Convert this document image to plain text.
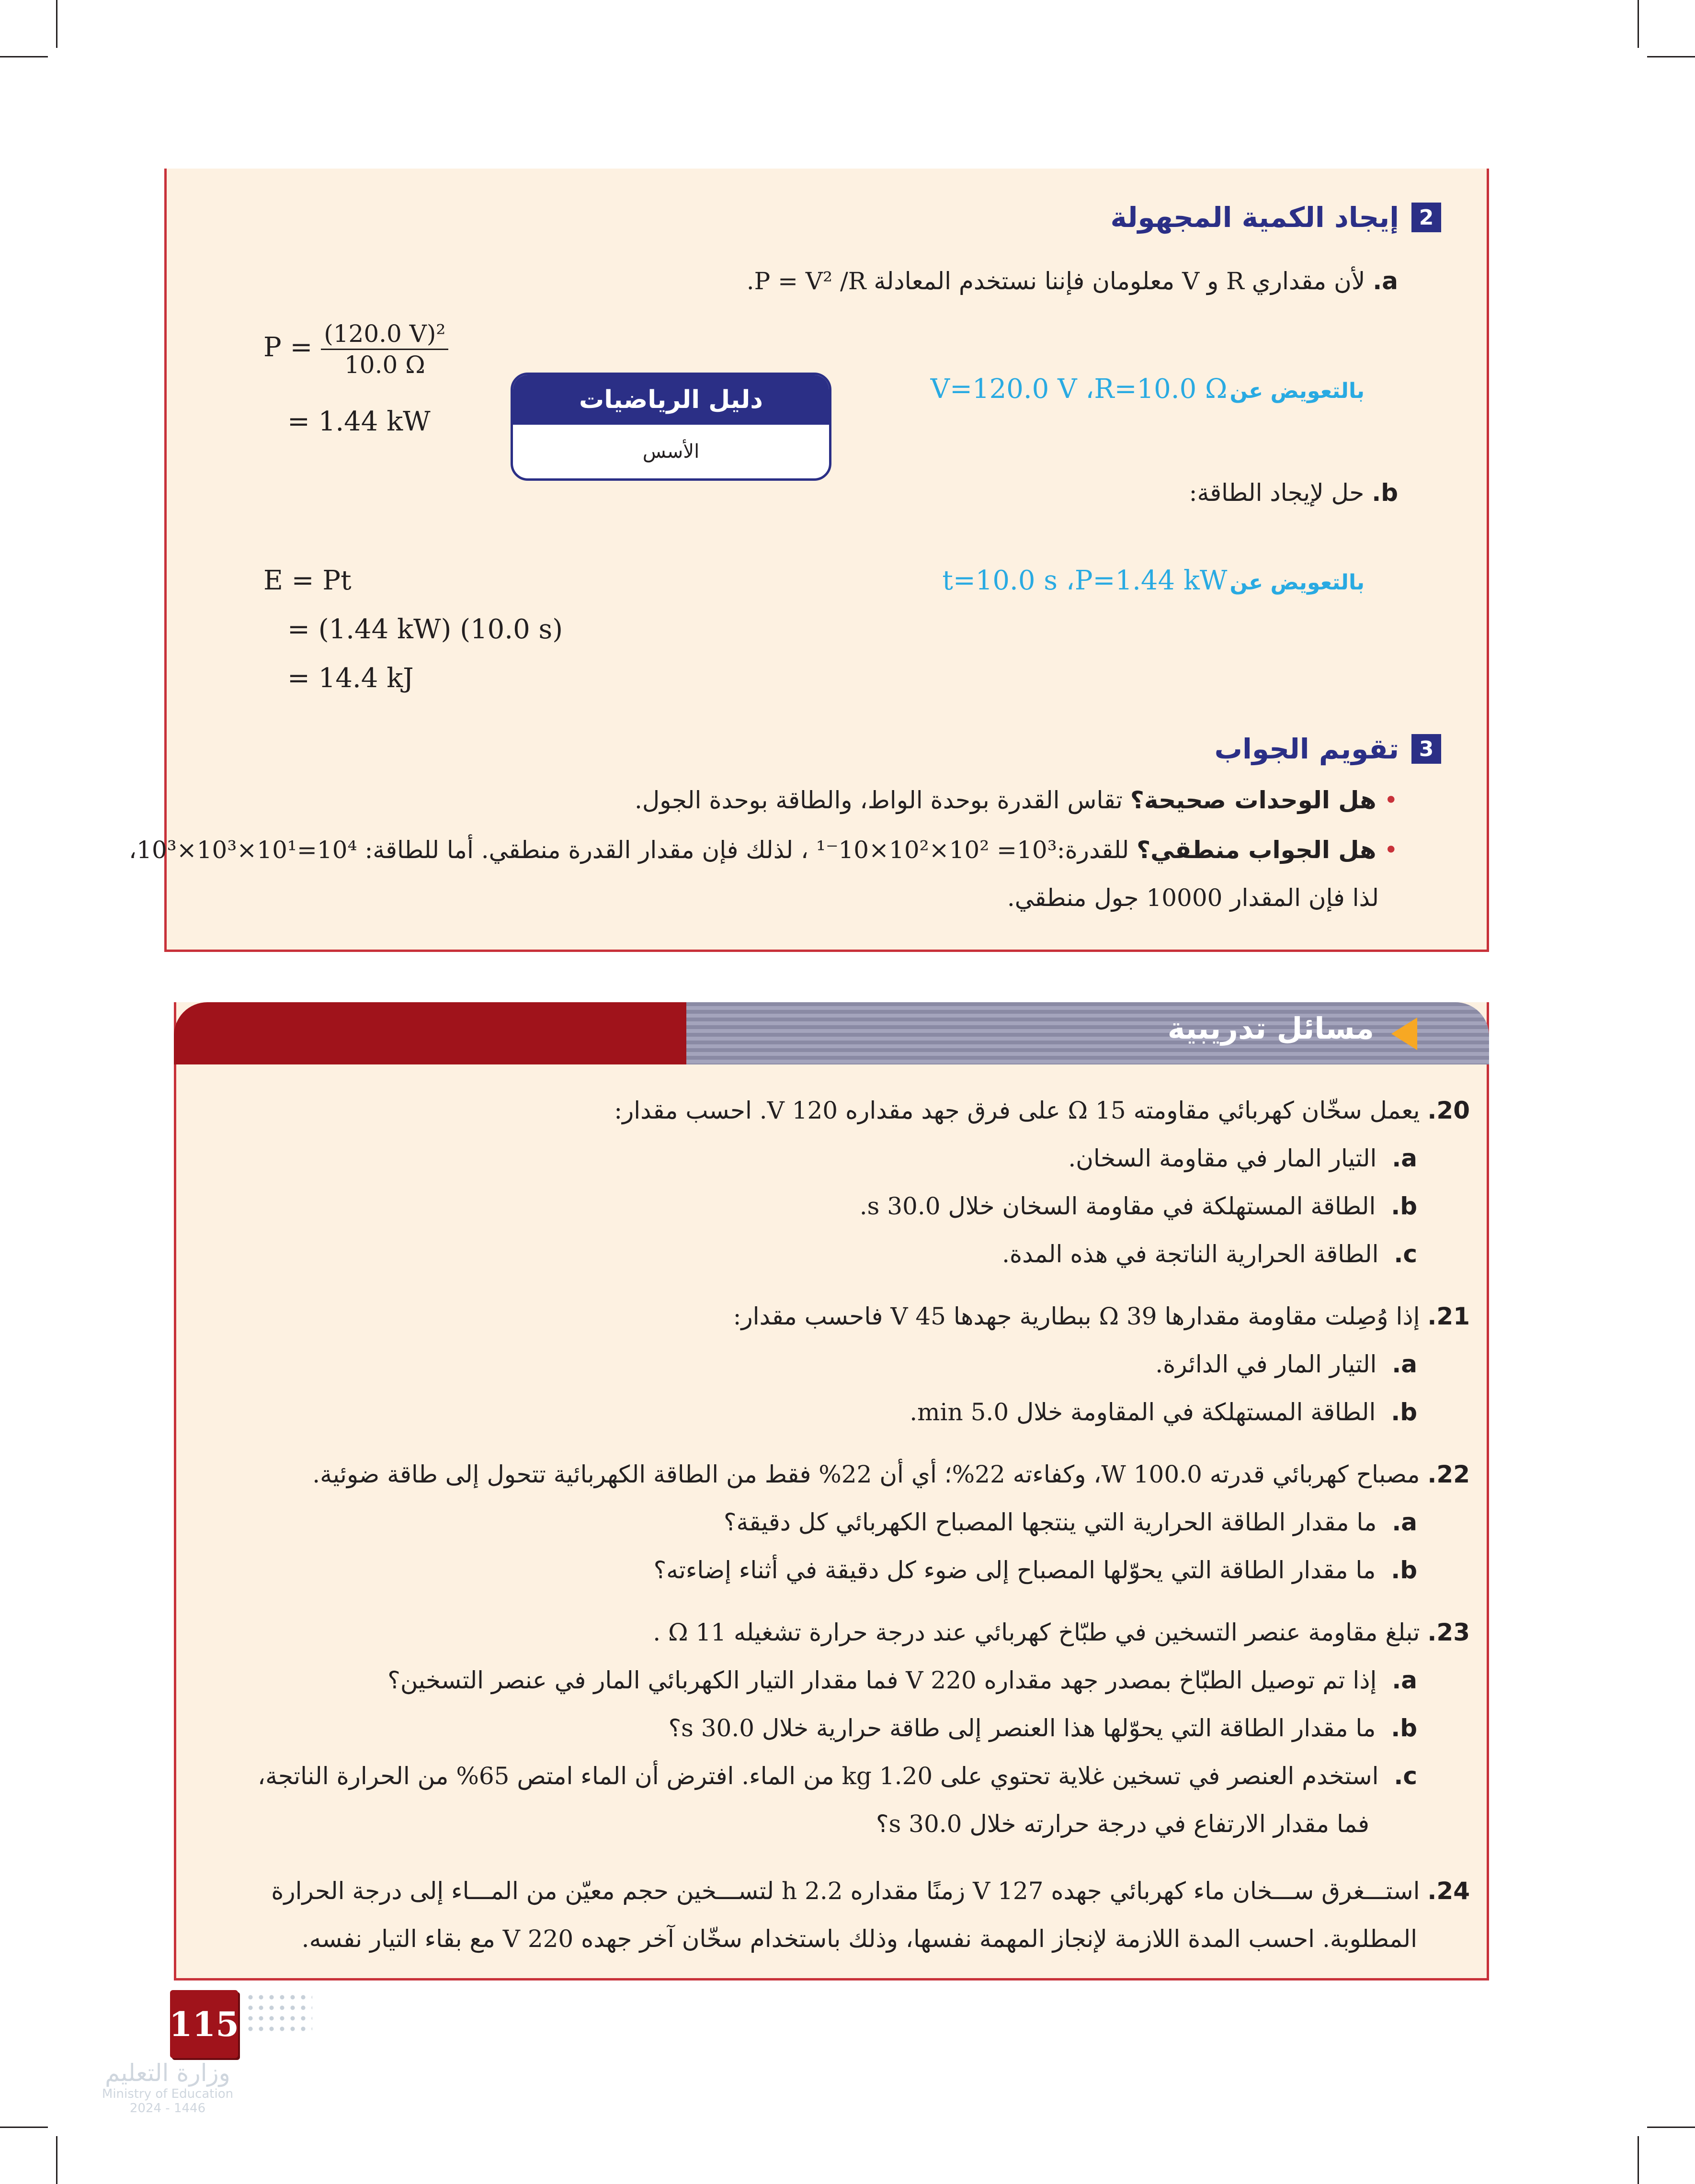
2
إيجاد الكمية المجهولة
a. لأن مقداري R و V معلومان فإننا نستخدم المعادلة P = V² /R.
$P = \frac{\text{(120.0 V)²}}{10.0 \Omega}$
= 1.44 kW
دليل الرياضيات
الأسس
بالتعويض عن V=120.0 V ،R=10.0 Ω
b. حل لإيجاد الطاقة:
بالتعويض عن t=10.0 s ،P=1.44 kW
E = Pt
= (1.44 kW) (10.0 s)
= 14.4 kJ
3
تقويم الجواب
• هل الوحدات صحيحة؟ تقاس القدرة بوحدة الواط، والطاقة بوحدة الجول.
• هل الجواب منطقي؟ للقدرة:10³= 10²×10²×10⁻¹ ، لذلك فإن مقدار القدرة منطقي. أما للطاقة: 10⁴=10¹×10³×10³،
لذا فإن المقدار 10000 جول منطقي.
مسائل تدريبية
20. يعمل سخّان كهربائي مقاومته 15 Ω على فرق جهد مقداره 120 V. احسب مقدار:
a.  التيار المار في مقاومة السخان.
b.  الطاقة المستهلكة في مقاومة السخان خلال 30.0 s.
c.  الطاقة الحرارية الناتجة في هذه المدة.
21. إذا وُصِلت مقاومة مقدارها 39 Ω ببطارية جهدها 45 V فاحسب مقدار:
a.  التيار المار في الدائرة.
b.  الطاقة المستهلكة في المقاومة خلال 5.0 min.
22. مصباح كهربائي قدرته 100.0 W، وكفاءته 22%؛ أي أن 22% فقط من الطاقة الكهربائية تتحول إلى طاقة ضوئية.
a.  ما مقدار الطاقة الحرارية التي ينتجها المصباح الكهربائي كل دقيقة؟
b.  ما مقدار الطاقة التي يحوّلها المصباح إلى ضوء كل دقيقة في أثناء إضاءته؟
23. تبلغ مقاومة عنصر التسخين في طبّاخ كهربائي عند درجة حرارة تشغيله 11 Ω .
a.  إذا تم توصيل الطبّاخ بمصدر جهد مقداره 220 V فما مقدار التيار الكهربائي المار في عنصر التسخين؟
b.  ما مقدار الطاقة التي يحوّلها هذا العنصر إلى طاقة حرارية خلال 30.0 s؟
c.  استخدم العنصر في تسخين غلاية تحتوي على 1.20 kg من الماء. افترض أن الماء امتص 65% من الحرارة الناتجة،
فما مقدار الارتفاع في درجة حرارته خلال 30.0 s؟
24. استـــغرق ســـخان ماء كهربائي جهده 127 V زمنًا مقداره 2.2 h لتســـخين حجم معيّن من المـــاء إلى درجة الحرارة
المطلوبة. احسب المدة اللازمة لإنجاز المهمة نفسها، وذلك باستخدام سخّان آخر جهده 220 V مع بقاء التيار نفسه.
115
وزارة التعليم
Ministry of Education
2024 - 1446
